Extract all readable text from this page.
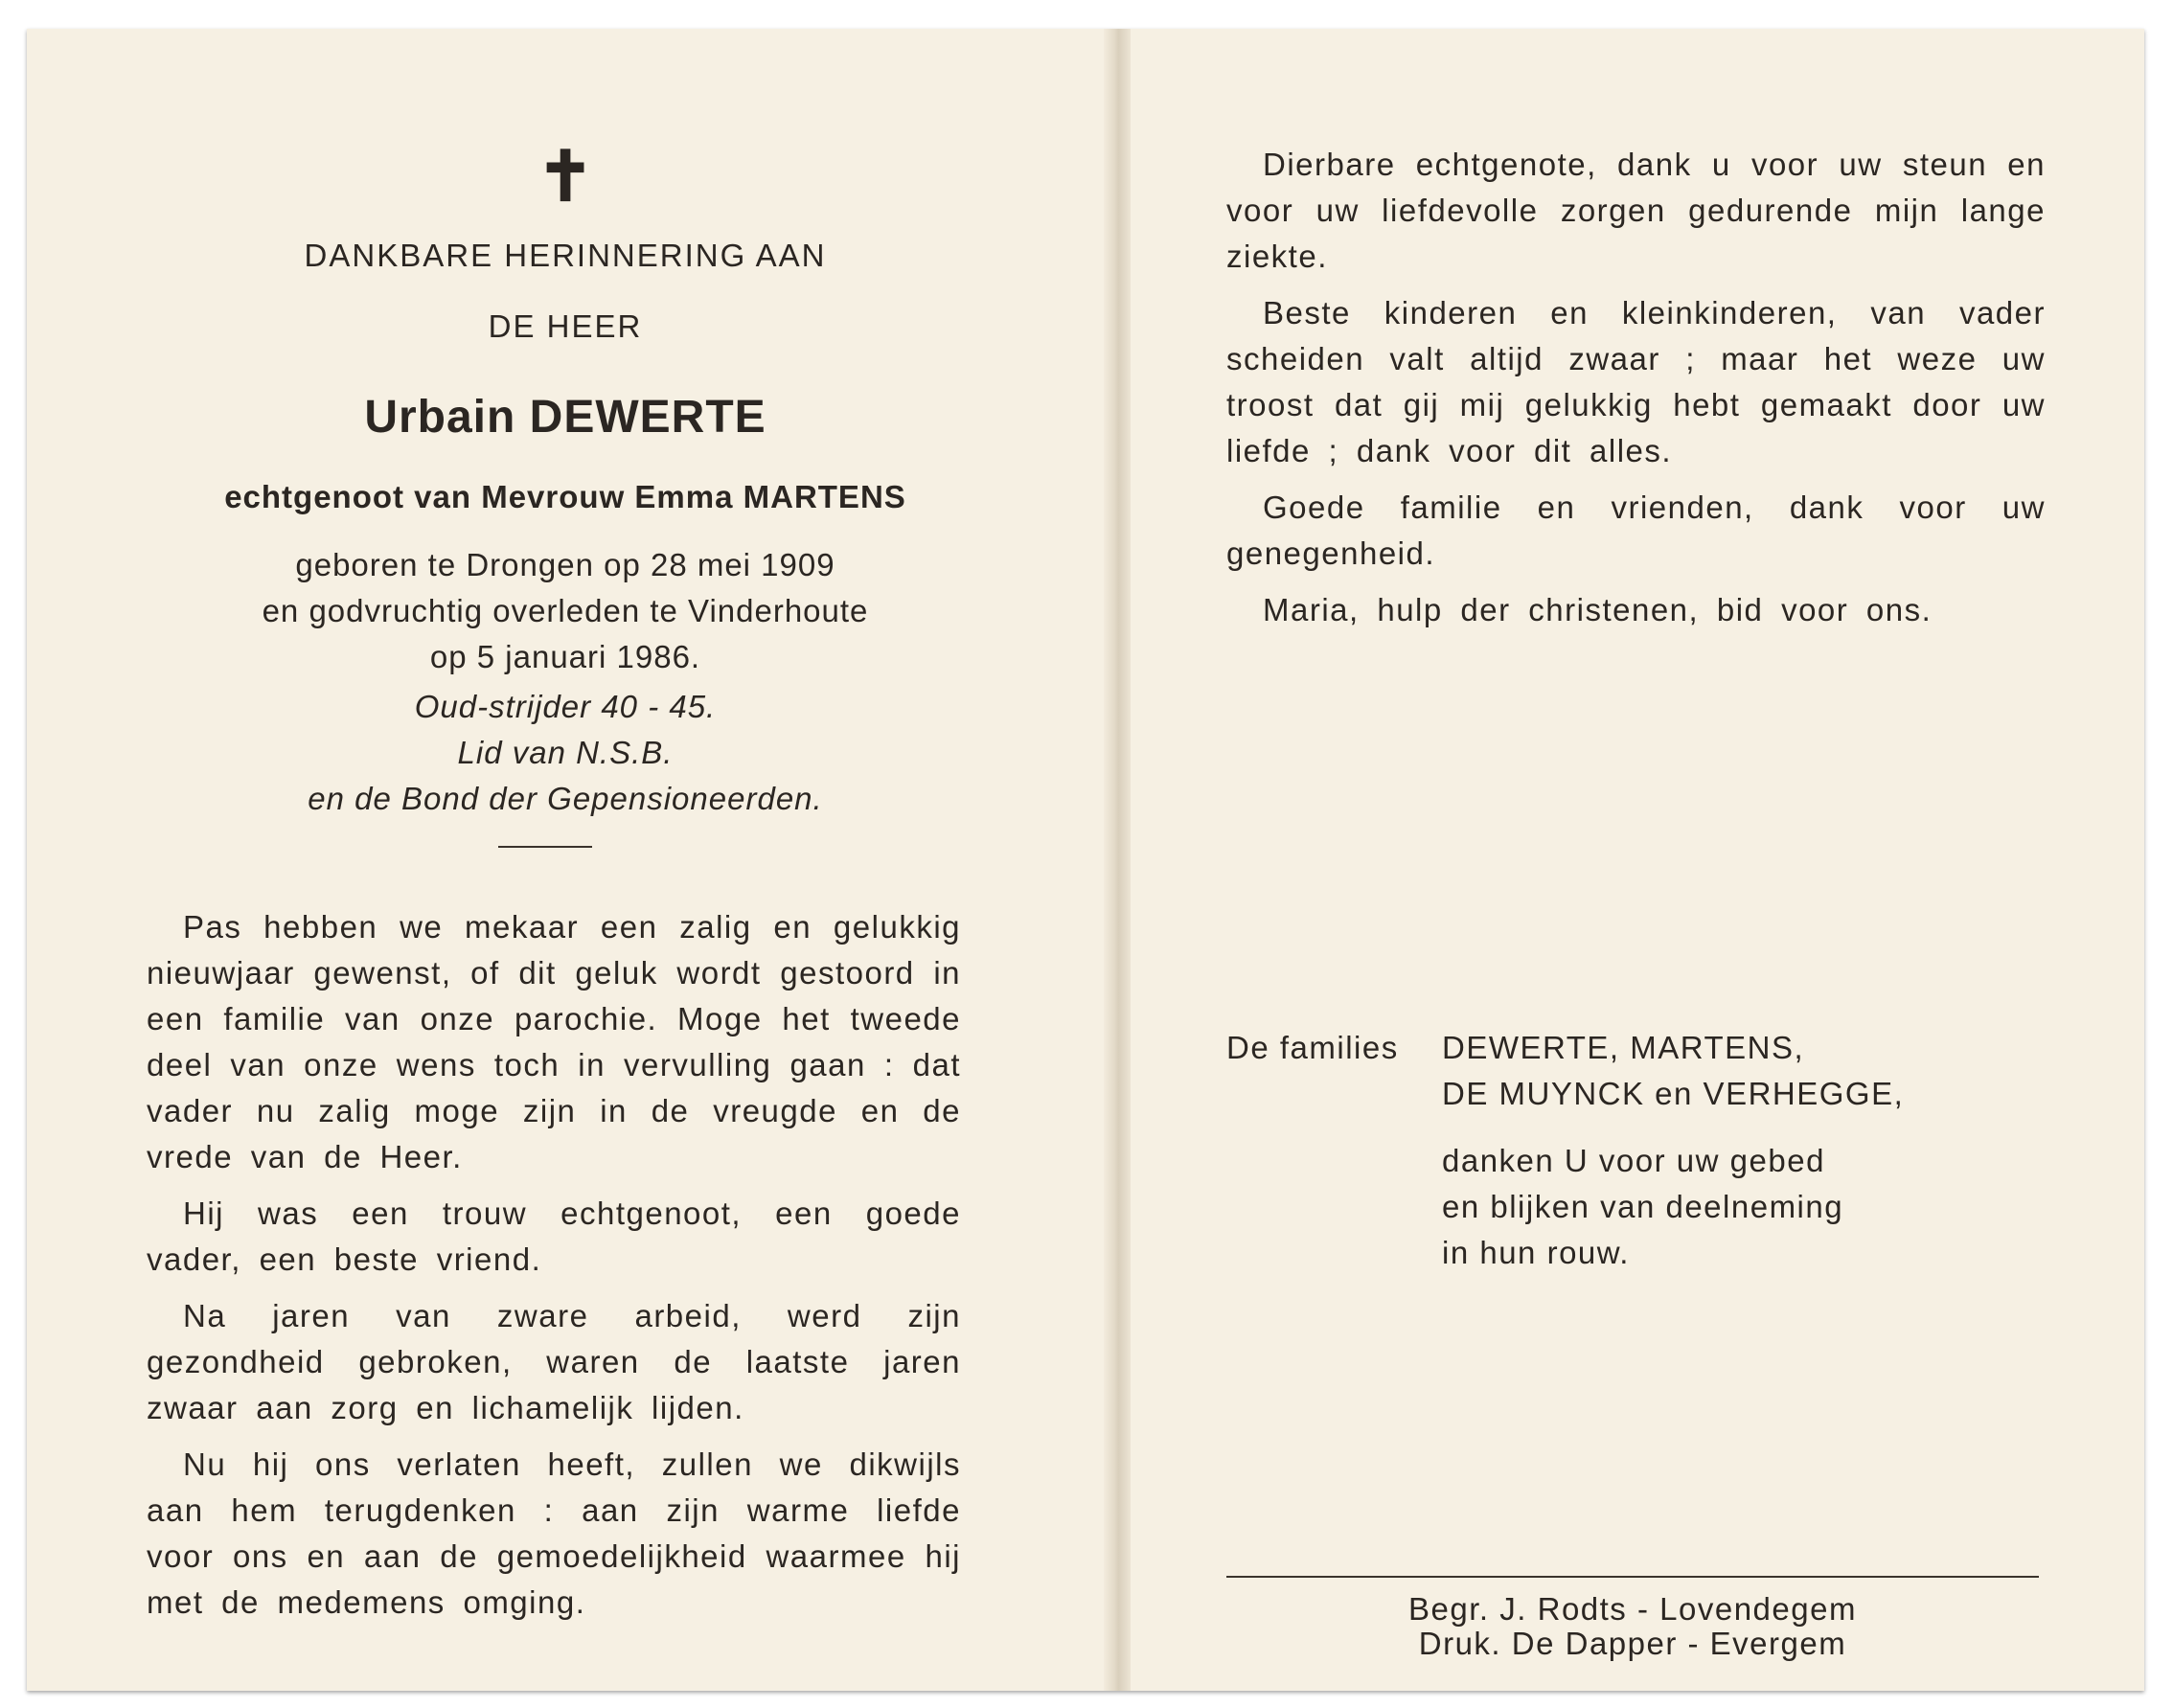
✝
DANKBARE HERINNERING AAN
DE HEER
Urbain DEWERTE
echtgenoot van Mevrouw Emma MARTENS
geboren te Drongen op 28 mei 1909
en godvruchtig overleden te Vinderhoute
op 5 januari 1986.
Oud-strijder 40 - 45.
Lid van N.S.B.
en de Bond der Gepensioneerden.

Pas hebben we mekaar een zalig en gelukkig nieuwjaar gewenst, of dit geluk wordt gestoord in een familie van onze parochie. Moge het tweede deel van onze wens toch in vervulling gaan : dat vader nu zalig moge zijn in de vreugde en de vrede van de Heer.

Hij was een trouw echtgenoot, een goede vader, een beste vriend.

Na jaren van zware arbeid, werd zijn gezondheid gebroken, waren de laatste jaren zwaar aan zorg en lichamelijk lijden.

Nu hij ons verlaten heeft, zullen we dikwijls aan hem terugdenken : aan zijn warme liefde voor ons en aan de gemoedelijkheid waarmee hij met de medemens omging.

Dierbare echtgenote, dank u voor uw steun en voor uw liefdevolle zorgen gedurende mijn lange ziekte.

Beste kinderen en kleinkinderen, van vader scheiden valt altijd zwaar ; maar het weze uw troost dat gij mij gelukkig hebt gemaakt door uw liefde ; dank voor dit alles.

Goede familie en vrienden, dank voor uw genegenheid.

Maria, hulp der christenen, bid voor ons.

De families DEWERTE, MARTENS,
DE MUYNCK en VERHEGGE,
danken U voor uw gebed
en blijken van deelneming
in hun rouw.
Begr. J. Rodts - Lovendegem
Druk. De Dapper - Evergem
